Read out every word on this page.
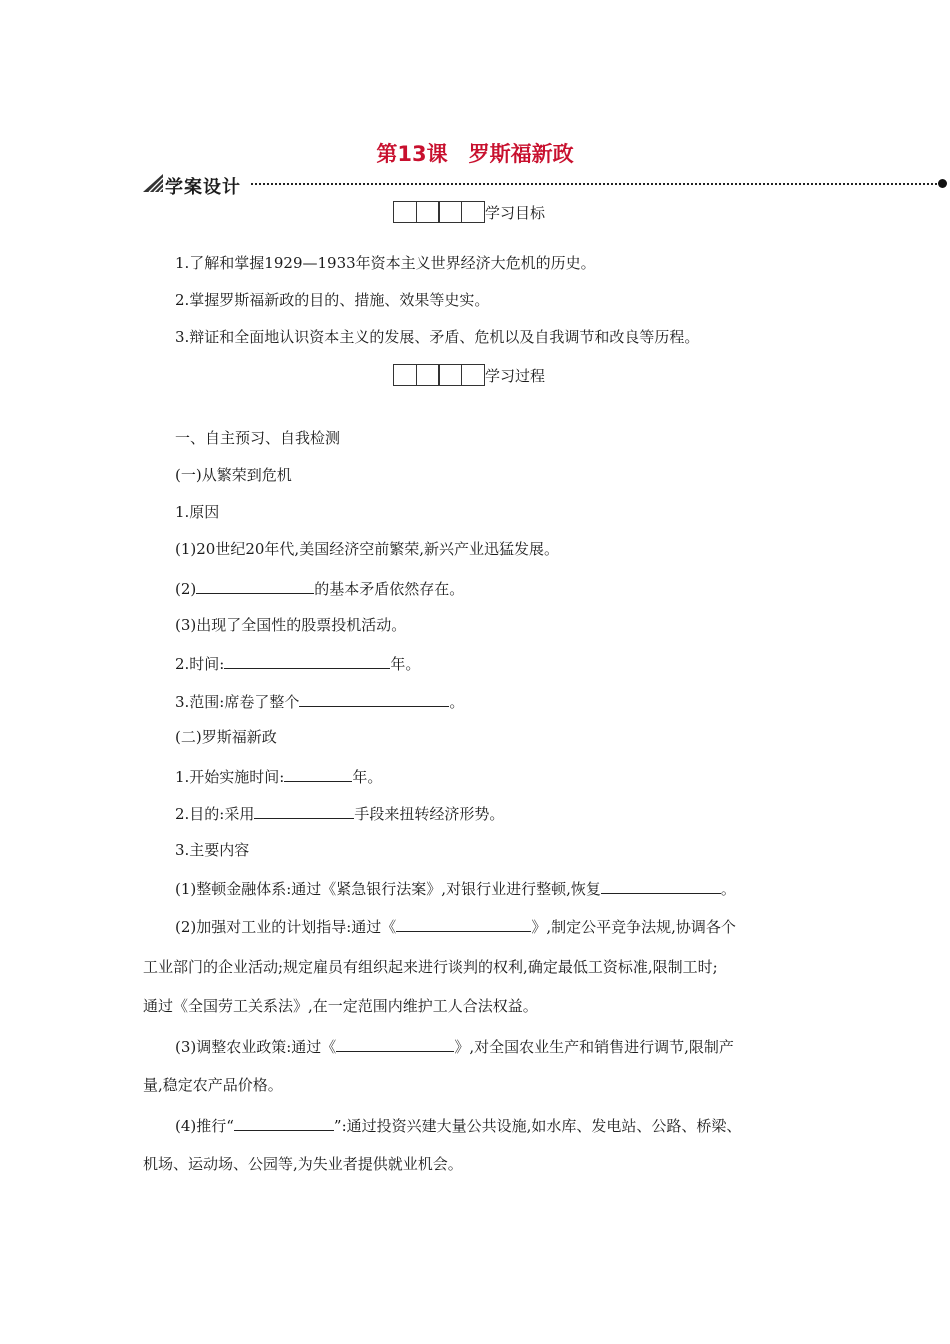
第13课　罗斯福新政
学案设计
学习目标
1.了解和掌握1929—1933年资本主义世界经济大危机的历史。
2.掌握罗斯福新政的目的、措施、效果等史实。
3.辩证和全面地认识资本主义的发展、矛盾、危机以及自我调节和改良等历程。
学习过程
一、自主预习、自我检测
(一)从繁荣到危机
1.原因
(1)20世纪20年代,美国经济空前繁荣,新兴产业迅猛发展。
(2)	的基本矛盾依然存在。
(3)出现了全国性的股票投机活动。
2.时间:	年。
3.范围:席卷了整个	。
(二)罗斯福新政
1.开始实施时间:	年。
2.目的:采用	手段来扭转经济形势。
3.主要内容
(1)整顿金融体系:通过《紧急银行法案》,对银行业进行整顿,恢复	。
(2)加强对工业的计划指导:通过《	》,制定公平竞争法规,协调各个
工业部门的企业活动;规定雇员有组织起来进行谈判的权利,确定最低工资标准,限制工时;
通过《全国劳工关系法》,在一定范围内维护工人合法权益。
(3)调整农业政策:通过《	》,对全国农业生产和销售进行调节,限制产
量,稳定农产品价格。
(4)推行“	”:通过投资兴建大量公共设施,如水库、发电站、公路、桥梁、
机场、运动场、公园等,为失业者提供就业机会。
